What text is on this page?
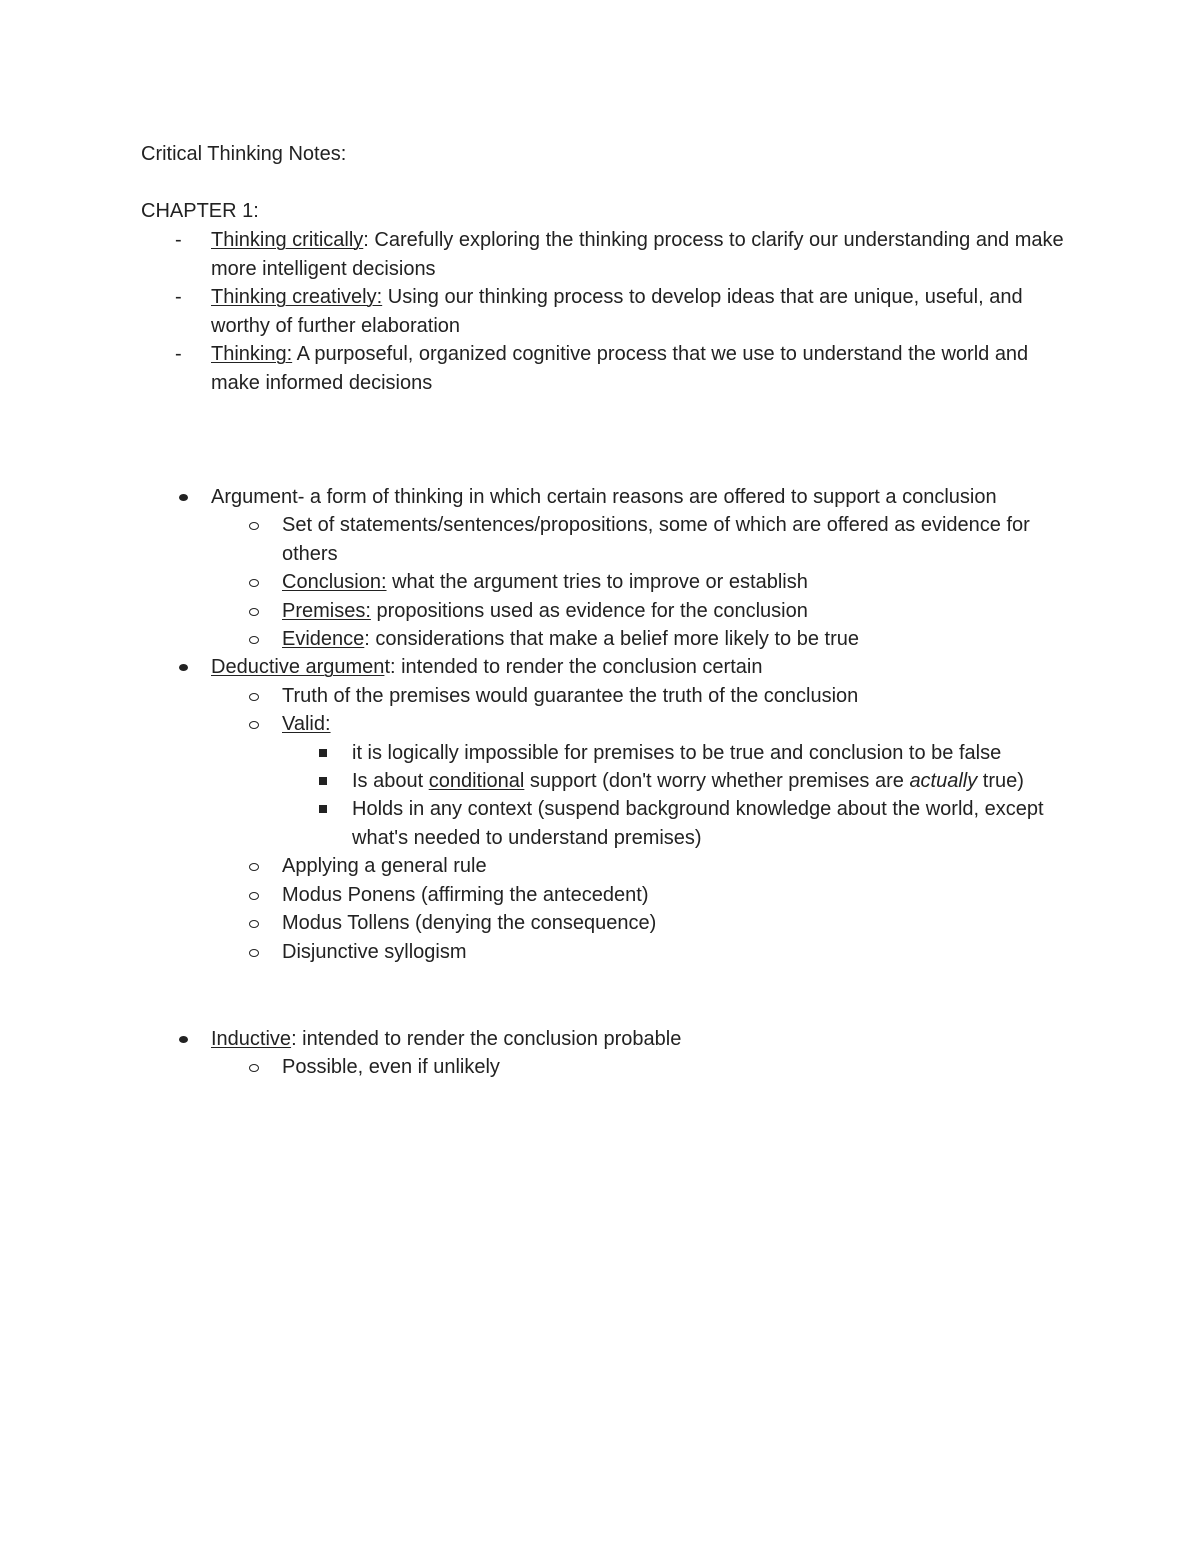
Critical Thinking Notes:
CHAPTER 1:
- Thinking critically: Carefully exploring the thinking process to clarify our understanding and make more intelligent decisions
- Thinking creatively: Using our thinking process to develop ideas that are unique, useful, and worthy of further elaboration
- Thinking: A purposeful, organized cognitive process that we use to understand the world and make informed decisions
Argument- a form of thinking in which certain reasons are offered to support a conclusion
Set of statements/sentences/propositions, some of which are offered as evidence for others
Conclusion: what the argument tries to improve or establish
Premises: propositions used as evidence for the conclusion
Evidence: considerations that make a belief more likely to be true
Deductive argument: intended to render the conclusion certain
Truth of the premises would guarantee the truth of the conclusion
Valid:
it is logically impossible for premises to be true and conclusion to be false
Is about conditional support (don't worry whether premises are actually true)
Holds in any context (suspend background knowledge about the world, except what's needed to understand premises)
Applying a general rule
Modus Ponens (affirming the antecedent)
Modus Tollens (denying the consequence)
Disjunctive syllogism
Inductive: intended to render the conclusion probable
Possible, even if unlikely
